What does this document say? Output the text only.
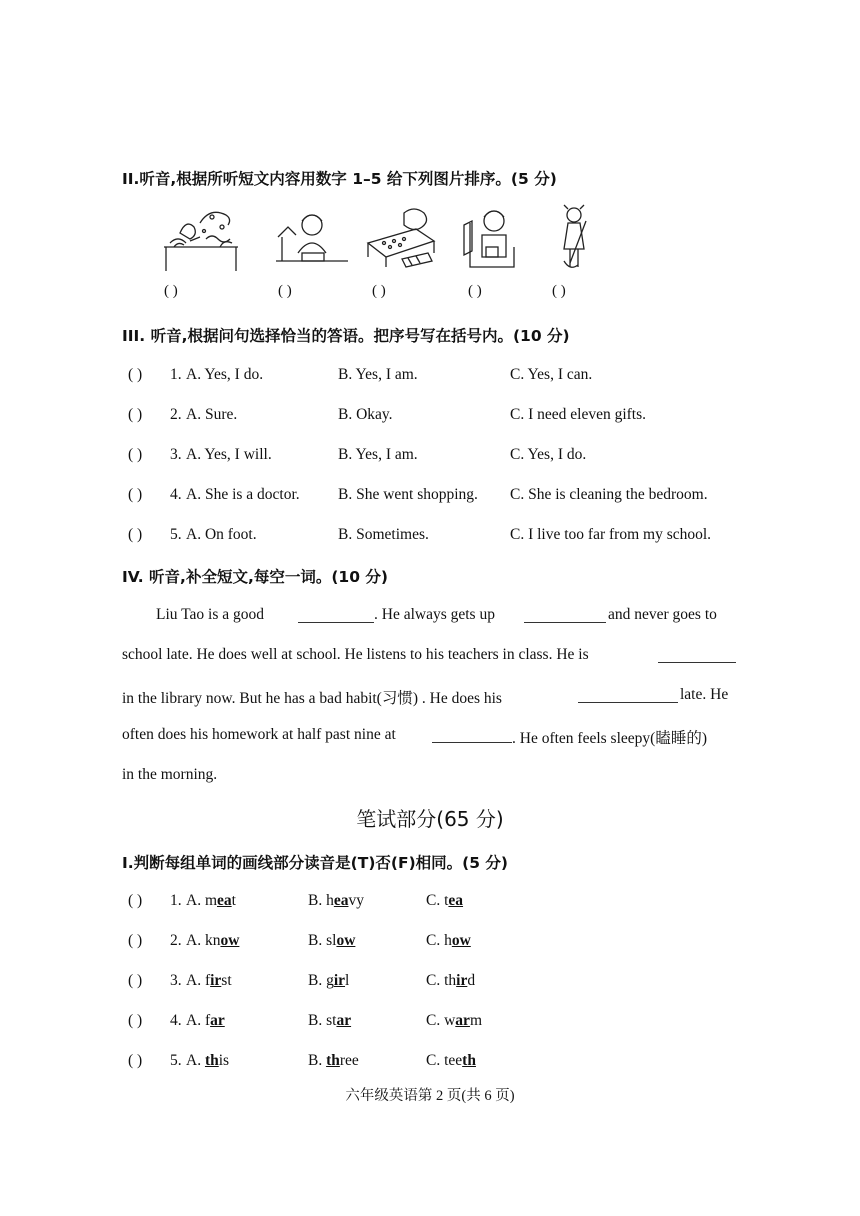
II.听音,根据所听短文内容用数字 1–5 给下列图片排序。(5 分)
( )	( )	( )	( )	( )
III. 听音,根据问句选择恰当的答语。把序号写在括号内。(10 分)
( ) 1. A. Yes, I do.	B. Yes, I am.	C. Yes, I can.
( ) 2. A. Sure.	B. Okay.	C. I need eleven gifts.
( ) 3. A. Yes, I will.	B. Yes, I am.	C. Yes, I do.
( ) 4. A. She is a doctor. B. She went shopping. C. She is cleaning the bedroom.
( ) 5. A. On foot.	B. Sometimes.	C. I live too far from my school.
IV. 听音,补全短文,每空一词。(10 分)
Liu Tao is a good	. He always gets up	and never goes to
school late. He does well at school. He listens to his teachers in class. He is
in the library now. But he has a bad habit(习惯) . He does his	late. He
often does his homework at half past nine at	. He often feels sleepy(瞌睡的)
in the morning.
笔试部分(65 分)
I.判断每组单词的画线部分读音是(T)否(F)相同。(5 分)
( ) 1. A. meat	B. heavy	C. tea
( ) 2. A. know	B. slow	C. how
( ) 3. A. first	B. girl	C. third
( ) 4. A. far	B. star	C. warm
( ) 5. A. this	B. three	C. teeth
六年级英语第 2 页(共 6 页)
